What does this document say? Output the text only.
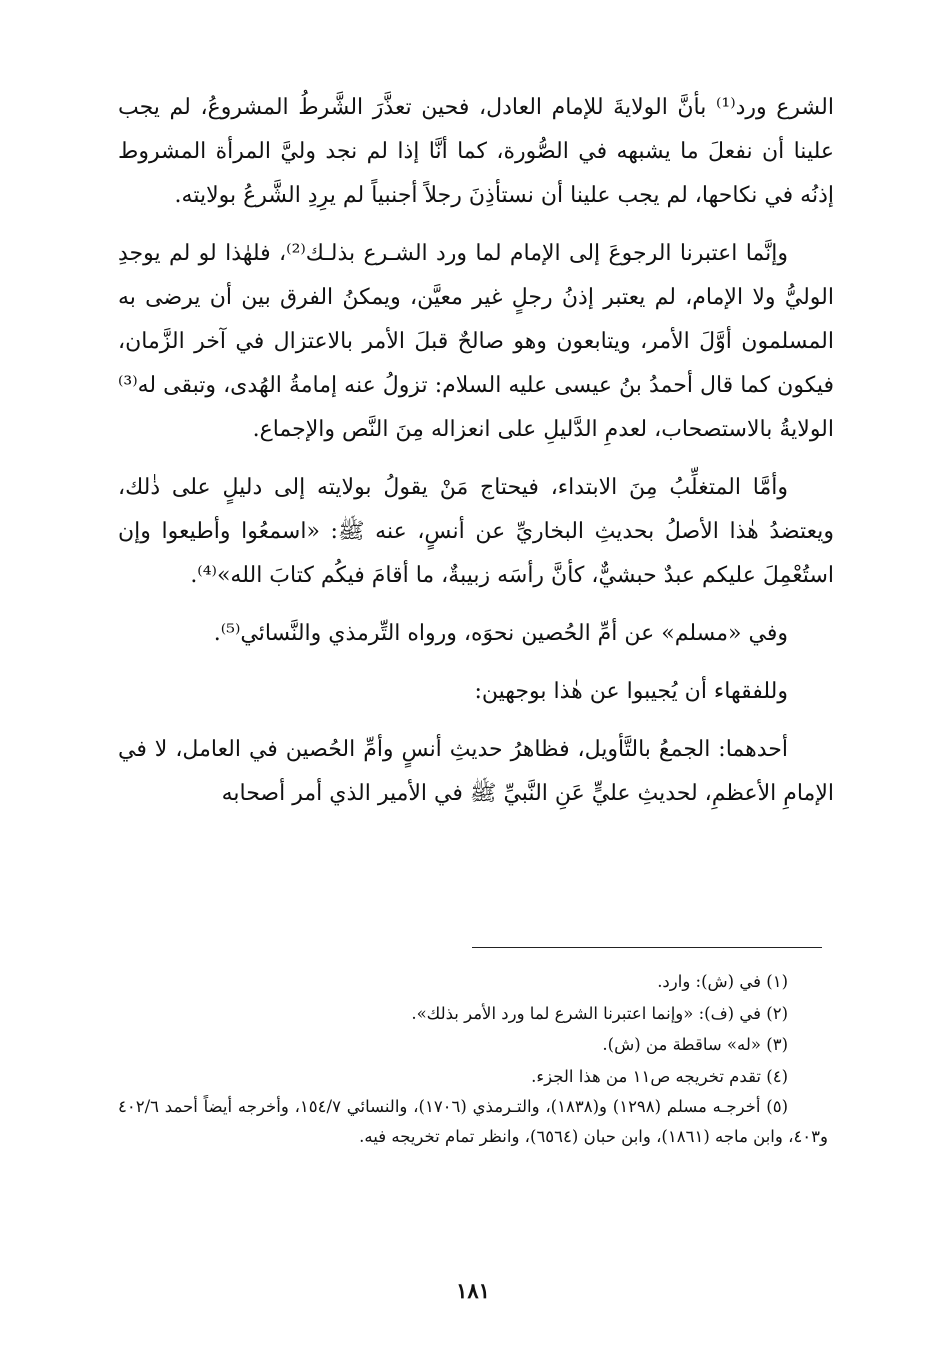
الشرع ورد⁽¹⁾ بأنَّ الولايةَ للإمام العادل، فحين تعذَّرَ الشَّرطُ المشروعُ، لم يجب علينا أن نفعلَ ما يشبهه في الصُّورة، كما أنَّا إذا لم نجد وليَّ المرأة المشروط إذنُه في نكاحها، لم يجب علينا أن نستأذِنَ رجلاً أجنبياً لم يرِدِ الشَّرعُ بولايته.

وإنَّما اعتبرنا الرجوعَ إلى الإمام لما ورد الشـرع بذلـك⁽²⁾، فلهٰذا لو لم يوجدِ الوليُّ ولا الإمام، لم يعتبر إذنُ رجلٍ غير معيَّن، ويمكنُ الفرق بين أن يرضى به المسلمون أوَّلَ الأمر، ويتابعون وهو صالحٌ قبلَ الأمر بالاعتزال في آخر الزَّمان، فيكون كما قال أحمدُ بنُ عيسى عليه السلام: تزولُ عنه إمامةُ الهُدى، وتبقى له⁽³⁾ الولايةُ بالاستصحاب، لعدمِ الدَّليلِ على انعزاله مِنَ النَّص والإجماع.

وأمَّا المتغلِّبُ مِنَ الابتداء، فيحتاج مَنْ يقولُ بولايته إلى دليلٍ على ذٰلك، ويعتضدُ هٰذا الأصلُ بحديثِ البخاريِّ عن أنسٍ، عنه ﷺ: «اسمعُوا وأطيعوا وإن استُعْمِلَ عليكم عبدٌ حبشيٌّ، كأنَّ رأسَه زبيبةٌ، ما أقامَ فيكُم كتابَ الله»⁽⁴⁾.

وفي «مسلم» عن أمِّ الحُصين نحوَه، ورواه التِّرمذي والنَّسائي⁽⁵⁾.

وللفقهاء أن يُجيبوا عن هٰذا بوجهين:

أحدهما: الجمعُ بالتَّأويل، فظاهرُ حديثِ أنسٍ وأمِّ الحُصين في العامل، لا في الإمامِ الأعظمِ، لحديثِ عليٍّ عَنِ النَّبيِّ ﷺ في الأمير الذي أمر أصحابه

(١) في (ش): وارد.

(٢) في (ف): «وإنما اعتبرنا الشرع لما ورد الأمر بذلك».

(٣) «له» ساقطة من (ش).

(٤) تقدم تخريجه ص١١ من هذا الجزء.

(٥) أخرجـه مسلم (١٢٩٨) و(١٨٣٨)، والتـرمذي (١٧٠٦)، والنسائي ١٥٤/٧، وأخرجه أيضاً أحمد ٤٠٢/٦ و٤٠٣، وابن ماجه (١٨٦١)، وابن حبان (٦٥٦٤)، وانظر تمام تخريجه فيه.

١٨١
